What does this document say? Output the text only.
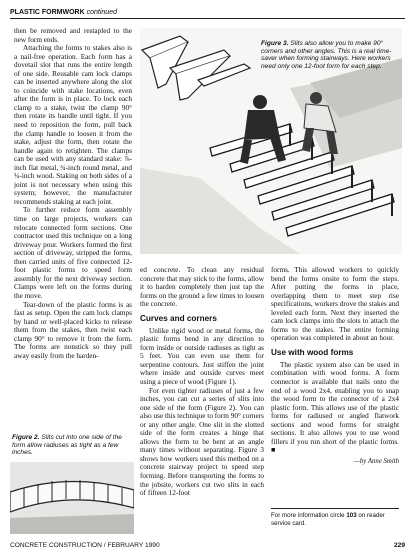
PLASTIC FORMWORK continued
Figure 3. Slits also allow you to make 90° corners and other angles. This is a real time-saver when forming stairways. Here workers need only one 12-foot form for each step.

then be removed and restapled to the new form ends.

Attaching the forms to stakes also is a nail-free operation. Each form has a dovetail slot that runs the entire length of one side. Reusable cam lock clamps can be inserted anywhere along the slot to coincide with stake locations, even after the form is in place. To lock each clamp to a stake, twist the clamp 90° then rotate its handle until tight. If you need to reposition the form, pull back the clamp handle to loosen it from the stake, adjust the form, then rotate the handle again to retighten. The clamps can be used with any standard stake: ⅞-inch flat metal, ¾-inch round metal, and ¾-inch wood. Staking on both sides of a joint is not necessary when using this system; however, the manufacturer recommends staking at each joint.

To further reduce form assembly time on large projects, workers can relocate connected form sections. One contractor used this technique on a long driveway pour. Workers formed the first section of driveway, stripped the forms, then carried units of five connected 12-foot plastic forms to speed form assembly for the next driveway section. Clamps were left on the forms during the move.

Tear-down of the plastic forms is as fast as setup. Open the cam lock clamps by hand or well-placed kicks to release them from the stakes, then twist each clamp 90° to remove it from the form. The forms are nonstick so they pull away easily from the harden-

Figure 2. Slits cut into one side of the form allow radiuses as tight as a few inches.

ed concrete. To clean any residual concrete that may stick to the forms, allow it to harden completely then just tap the forms on the ground a few times to loosen the concrete.

Curves and corners

Unlike rigid wood or metal forms, the plastic forms bend in any direction to form inside or outside radiuses as tight as 5 feet. You can even use them for serpentine contours. Just stiffen the joint where inside and outside curves meet using a piece of wood (Figure 1).

For even tighter radiuses of just a few inches, you can cut a series of slits into one side of the form (Figure 2). You can also use this technique to form 90° corners or any other angle. One slit in the slotted side of the form creates a hinge that allows the form to be bent at an angle many times without separating. Figure 3 shows how workers used this method on a concrete stairway project to speed step forming. Before transporting the forms to the jobsite, workers cut two slits in each of fifteen 12-foot

forms. This allowed workers to quickly bend the forms onsite to form the steps. After putting the forms in place, overlapping them to meet step rise specifications, workers drove the stakes and leveled each form. Next they inserted the cam lock clamps into the slots to attach the forms to the stakes. The entire forming operation was completed in about an hour.

Use with wood forms

The plastic system also can be used in combination with wood forms. A form connector is available that nails onto the end of a wood 2x4, enabling you to snap the wood form to the connector of a 2x4 plastic form. This allows use of the plastic forms for radiused or angled flatwork sections and wood forms for straight sections. It also allows you to use wood fillers if you run short of the plastic forms. ■

—by Anne Smith
For more information circle 103 on reader service card.
CONCRETE CONSTRUCTION / FEBRUARY 1990	229
